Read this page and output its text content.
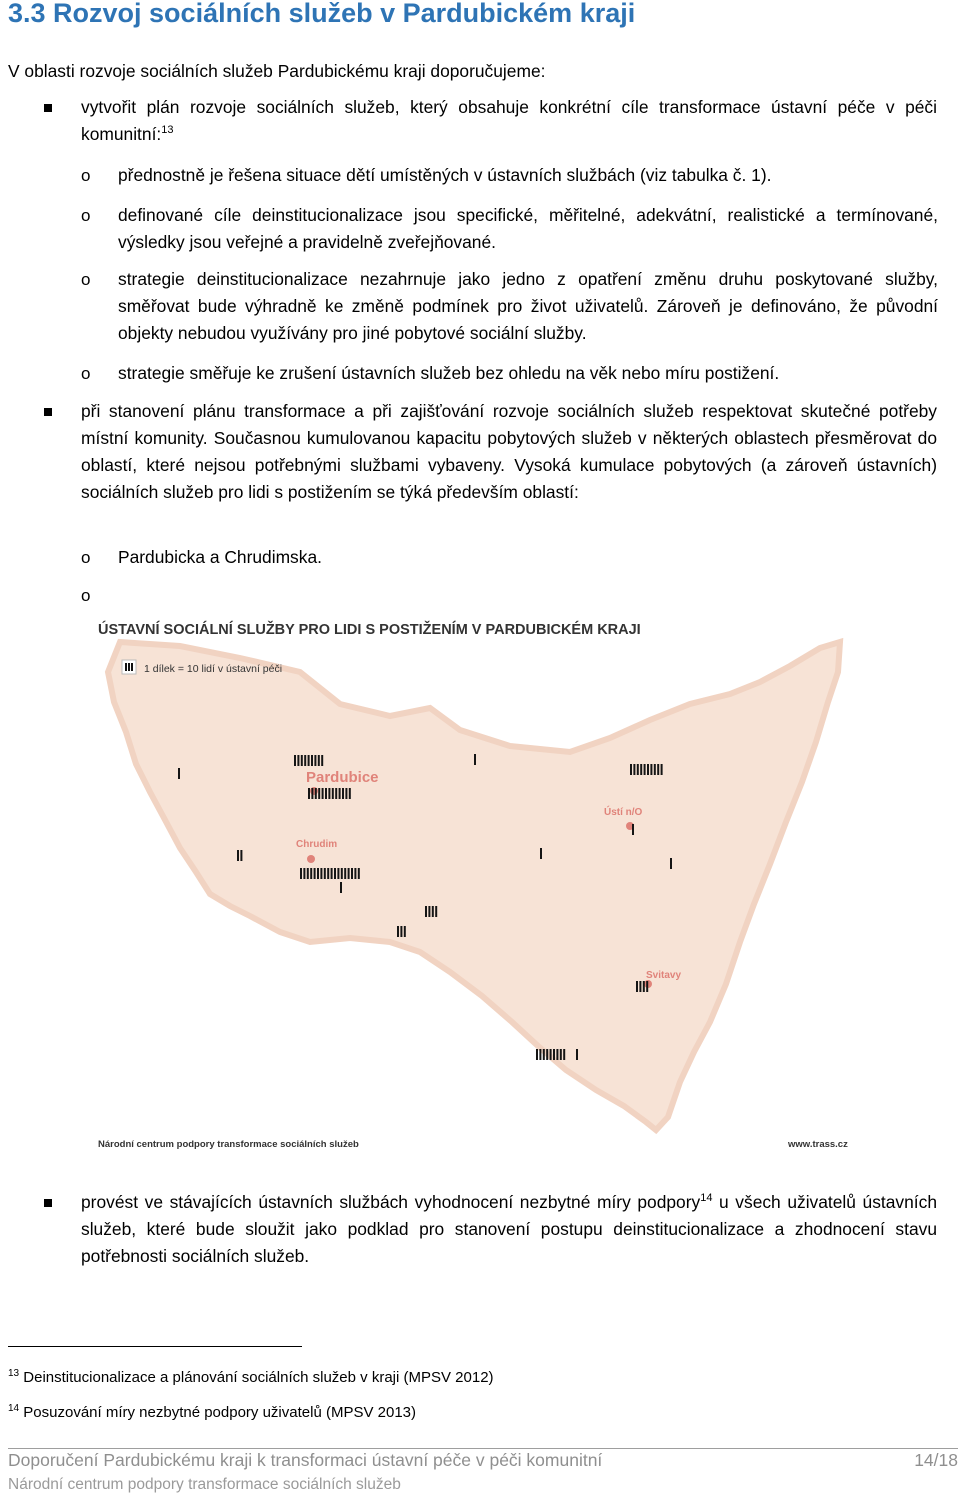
3.3 Rozvoj sociálních služeb v Pardubickém kraji
V oblasti rozvoje sociálních služeb Pardubickému kraji doporučujeme:
vytvořit plán rozvoje sociálních služeb, který obsahuje konkrétní cíle transformace ústavní péče v péči komunitní:$^{13}$
o přednostně je řešena situace dětí umístěných v ústavních službách (viz tabulka č. 1).
o definované cíle deinstitucionalizace jsou specifické, měřitelné, adekvátní, realistické a termínované, výsledky jsou veřejné a pravidelně zveřejňované.
o strategie deinstitucionalizace nezahrnuje jako jedno z opatření změnu druhu poskytované služby, směřovat bude výhradně ke změně podmínek pro život uživatelů. Zároveň je definováno, že původní objekty nebudou využívány pro jiné pobytové sociální služby.
o strategie směřuje ke zrušení ústavních služeb bez ohledu na věk nebo míru postižení.
při stanovení plánu transformace a při zajišťování rozvoje sociálních služeb respektovat skutečné potřeby místní komunity. Současnou kumulovanou kapacitu pobytových služeb v některých oblastech přesměrovat do oblastí, které nejsou potřebnými službami vybaveny. Vysoká kumulace pobytových (a zároveň ústavních) sociálních služeb pro lidi s postižením se týká především oblastí:
o Pardubicka a Chrudimska.
o
ÚSTAVNÍ SOCIÁLNÍ SLUŽBY PRO LIDI S POSTIŽENÍM V PARDUBICKÉM KRAJI
1 dílek = 10 lidí v ústavní péči
Pardubice
Chrudim
Ústí n/O
Svitavy
Národní centrum podpory transformace sociálních služeb	www.trass.cz
provést ve stávajících ústavních službách vyhodnocení nezbytné míry podpory$^{14}$ u všech uživatelů ústavních služeb, které bude sloužit jako podklad pro stanovení postupu deinstitucionalizace a zhodnocení stavu potřebnosti sociálních služeb.
$^{13}$ Deinstitucionalizace a plánování sociálních služeb v kraji (MPSV 2012)
$^{14}$ Posuzování míry nezbytné podpory uživatelů (MPSV 2013)
Doporučení Pardubickému kraji k transformaci ústavní péče v péči komunitní	14/18
Národní centrum podpory transformace sociálních služeb
